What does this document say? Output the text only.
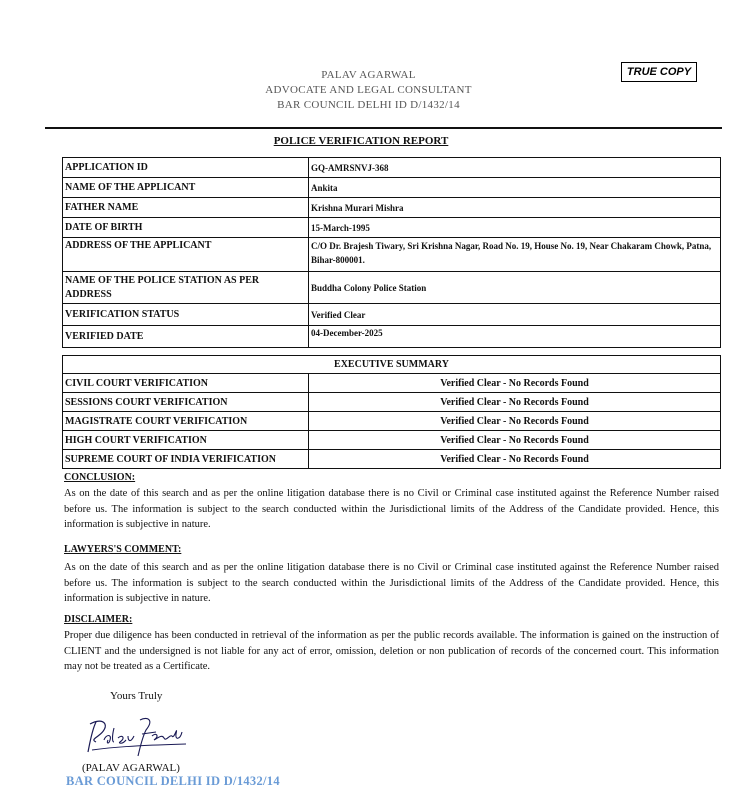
PALAV AGARWAL
ADVOCATE AND LEGAL CONSULTANT
BAR COUNCIL DELHI ID D/1432/14
TRUE COPY
POLICE VERIFICATION REPORT
APPLICATION ID	GQ-AMRSNVJ-368
NAME OF THE APPLICANT	Ankita
FATHER NAME	Krishna Murari Mishra
DATE OF BIRTH	15-March-1995
ADDRESS OF THE APPLICANT	C/O Dr. Brajesh Tiwary, Sri Krishna Nagar, Road No. 19, House No. 19, Near Chakaram Chowk, Patna, Bihar-800001.
NAME OF THE POLICE STATION AS PER ADDRESS	Buddha Colony Police Station
VERIFICATION STATUS	Verified Clear
VERIFIED DATE	04-December-2025
EXECUTIVE SUMMARY	
CIVIL COURT VERIFICATION	Verified Clear - No Records Found
SESSIONS COURT VERIFICATION	Verified Clear - No Records Found
MAGISTRATE COURT VERIFICATION	Verified Clear - No Records Found
HIGH COURT VERIFICATION	Verified Clear - No Records Found
SUPREME COURT OF INDIA VERIFICATION	Verified Clear - No Records Found
CONCLUSION:
As on the date of this search and as per the online litigation database there is no Civil or Criminal case instituted against the Reference Number raised before us. The information is subject to the search conducted within the Jurisdictional limits of the Address of the Candidate provided. Hence, this information is subjective in nature.
LAWYERS'S COMMENT:
As on the date of this search and as per the online litigation database there is no Civil or Criminal case instituted against the Reference Number raised before us. The information is subject to the search conducted within the Jurisdictional limits of the Address of the Candidate provided. Hence, this information is subjective in nature.
DISCLAIMER:
Proper due diligence has been conducted in retrieval of the information as per the public records available. The information is gained on the instruction of CLIENT and the undersigned is not liable for any act of error, omission, deletion or non publication of records of the concerned court. This information may not be treated as a Certificate.
Yours Truly
(PALAV AGARWAL)
BAR COUNCIL DELHI ID D/1432/14
